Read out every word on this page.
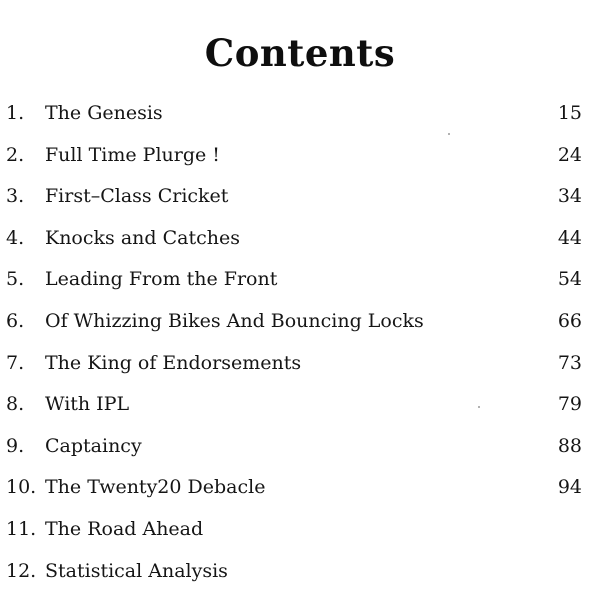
Contents
1. The Genesis	15
2. Full Time Plurge !	24
3. First–Class Cricket	34
4. Knocks and Catches	44
5. Leading From the Front	54
6. Of Whizzing Bikes And Bouncing Locks	66
7. The King of Endorsements	73
8. With IPL	79
9. Captaincy	88
10. The Twenty20 Debacle	94
11. The Road Ahead
12. Statistical Analysis
